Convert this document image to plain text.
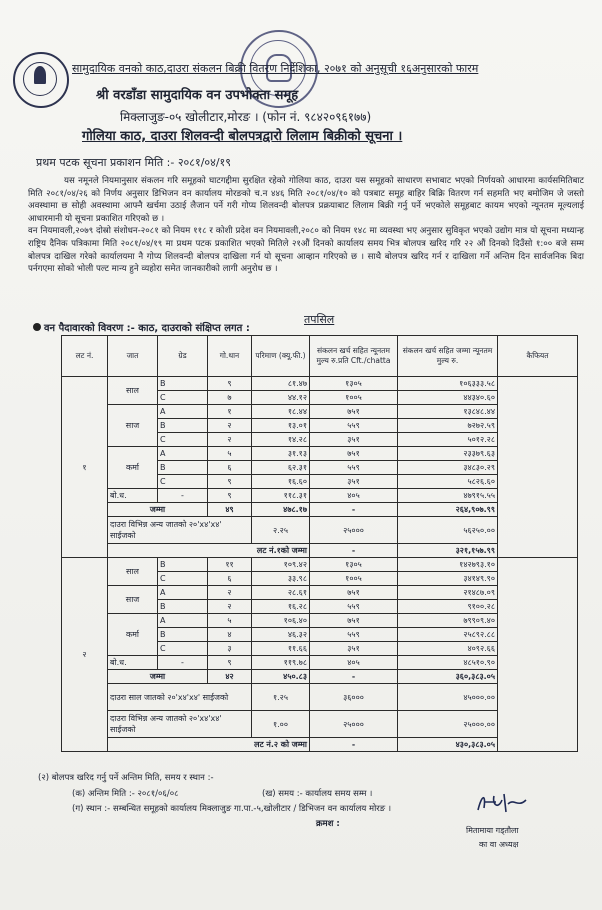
सामुदायिक वनको काठ,दाउरा संकलन बिक्री वितरण निर्देशिका, २०७१ को अनुसूची १६अनुसारको फारम
श्री वरडाँडा सामुदायिक वन उपभोक्ता समूह
मिक्लाजुङ-०५ खोलीटार,मोरङ । (फोन नं. ९८४२०९६१७७)
गोलिया काठ, दाउरा शिलवन्दी बोलपत्रद्वारो लिलाम बिक्रीको सूचना ।
प्रथम पटक सूचना प्रकाशन मिति :- २०८१/०४/१९

यस नमूनले नियमानुसार संकलन गरि समूहको घाटगद्दीमा सुरक्षित रहेको गोलिया काठ, दाउरा यस समूहको साधारण सभाबाट भएको निर्णयको आधारमा कार्यसमितिबाट मिति २०८१/०४/२६ को निर्णय अनुसार डिभिजन वन कार्यालय मोरङको च.न ४४६ मिति २०८१/०४/१० को पत्रबाट समूह बाहिर बिक्रि वितरण गर्न सहमति भए बमोजिम जे जस्तो अवस्थामा छ सोही अवस्थामा आफ्नै खर्चमा उठाई लैजान पर्ने गरी गोप्य शिलवन्दी बोलपत्र प्रक्रयाबाट लिलाम बिक्री गर्नु पर्ने भएकोले समूहबाट कायम भएको न्यूनतम मूल्यलाई आधारमानी यो सूचना प्रकाशित गरिएको छ ।

वन नियमावली,२०७९ दोस्रो संशोधन-२०८१ को नियम ११८ र कोशी प्रदेश वन नियमावली,२०८० को नियम १४८ मा व्यवस्था भए अनुसार सुविकृत भएको उद्योग मात्र यो सूचना मध्यान्ह राष्ट्रिय दैनिक पत्रिकामा मिति २०८१/०४/१९ मा प्रथम पटक प्रकाशित भएको मितिले २१औं दिनको कार्यालय समय भित्र बोलपत्र खरिद गरि २२ औं दिनको दिउँसो १:०० बजे सम्म बोलपत्र दाखिल गरेको कार्यालयमा नै गोप्य शिलवन्दी बोलपत्र दाखिला गर्न यो सूचना आव्हान गरिएको छ । साथै बोलपत्र खरिद गर्न र दाखिला गर्ने अन्तिम दिन सार्वजनिक बिदा पर्नगएमा सोको भोली पल्ट मान्य हुने व्यहोरा समेत जानकारीको लागी अनुरोध छ ।

तपसिल
वन पैदावारको विवरण :- काठ, दाउराको संक्षिप्त लगत :
लट नं.	जात	ग्रेड	गो.थान	परिमाण (क्यू.फी.)	संकलन खर्च सहित न्यूनतम मुल्य रु.प्रति Cft./chatta	संकलन खर्च सहित जम्मा न्यूनतम मुल्य रु.	कैफियत
१	साल	B	९	८१.४७	१३०५	१०६३३३.५८	
		C	७	४४.१२	१००५	४४३४०.६०	
	साज	A	१	१८.४४	७५१	१३८४८.४४	
		B	२	१३.०१	५५९	७२७२.५९	
		C	२	१४.२८	३५१	५०१२.२८	
	कर्मा	A	५	३१.१३	७५१	२३३७९.६३	
		B	६	६२.३१	५५९	३४८३०.२९	
		C	९	१६.६०	३५१	५८२६.६०	
	बो.ध.	-	९	११८.३१	४०५	४७९१५.५५	
	जम्मा		४९	४७८.१७	-	२६४,९०७.९९	
	दाउरा विभिन्न अन्य जातको २०'x४'x४' साईजको			२.२५	२५०००	५६२५०.००	

	लट नं.१को जम्मा				-	३२१,१५७.९९	
२	साल	B	११	१०९.४२	१३०५	१४२७९३.१०	
		C	६	३३.९८	१००५	३४१४९.९०	
	साज	A	२	२८.६१	७५१	२१४८७.०९	
		B	२	१६.२८	५५९	९१००.२८	
	कर्मा	A	५	१०६.४०	७५१	७९९०९.४०	
		B	४	४६.३२	५५९	२५८९२.८८	
		C	३	११.६६	३५१	४०९२.६६	
	बो.ध.	-	९	११९.७८	४०५	४८५१०.९०	
	जम्मा		४२	४५०.८३	-	३६०,३८३.०५	
	दाउरा साल जातको २०'x४'x४' साईजको			१.२५	३६०००	४५०००.००	

	दाउरा विभिन्न अन्य जातको २०'x४'x४' साईजको			१.००	२५०००	२५०००.००	

	लट नं.२ को जम्मा				-	४३०,३८३.०५	
(२) बोलपत्र खरिद गर्नु पर्ने अन्तिम मिति, समय र स्थान :-
(क) अन्तिम मिति :- २०८१/०६/०८	(ख) समय :- कार्यालय समय सम्म ।
(ग) स्थान :- सम्बन्धित समूहको कार्यालय मिक्लाजुङ गा.पा.-५,खोलीटार / डिभिजन वन कार्यालय मोरङ ।
क्रमश :
मितामाया गड्‍तौला
का वा अध्यक्ष
